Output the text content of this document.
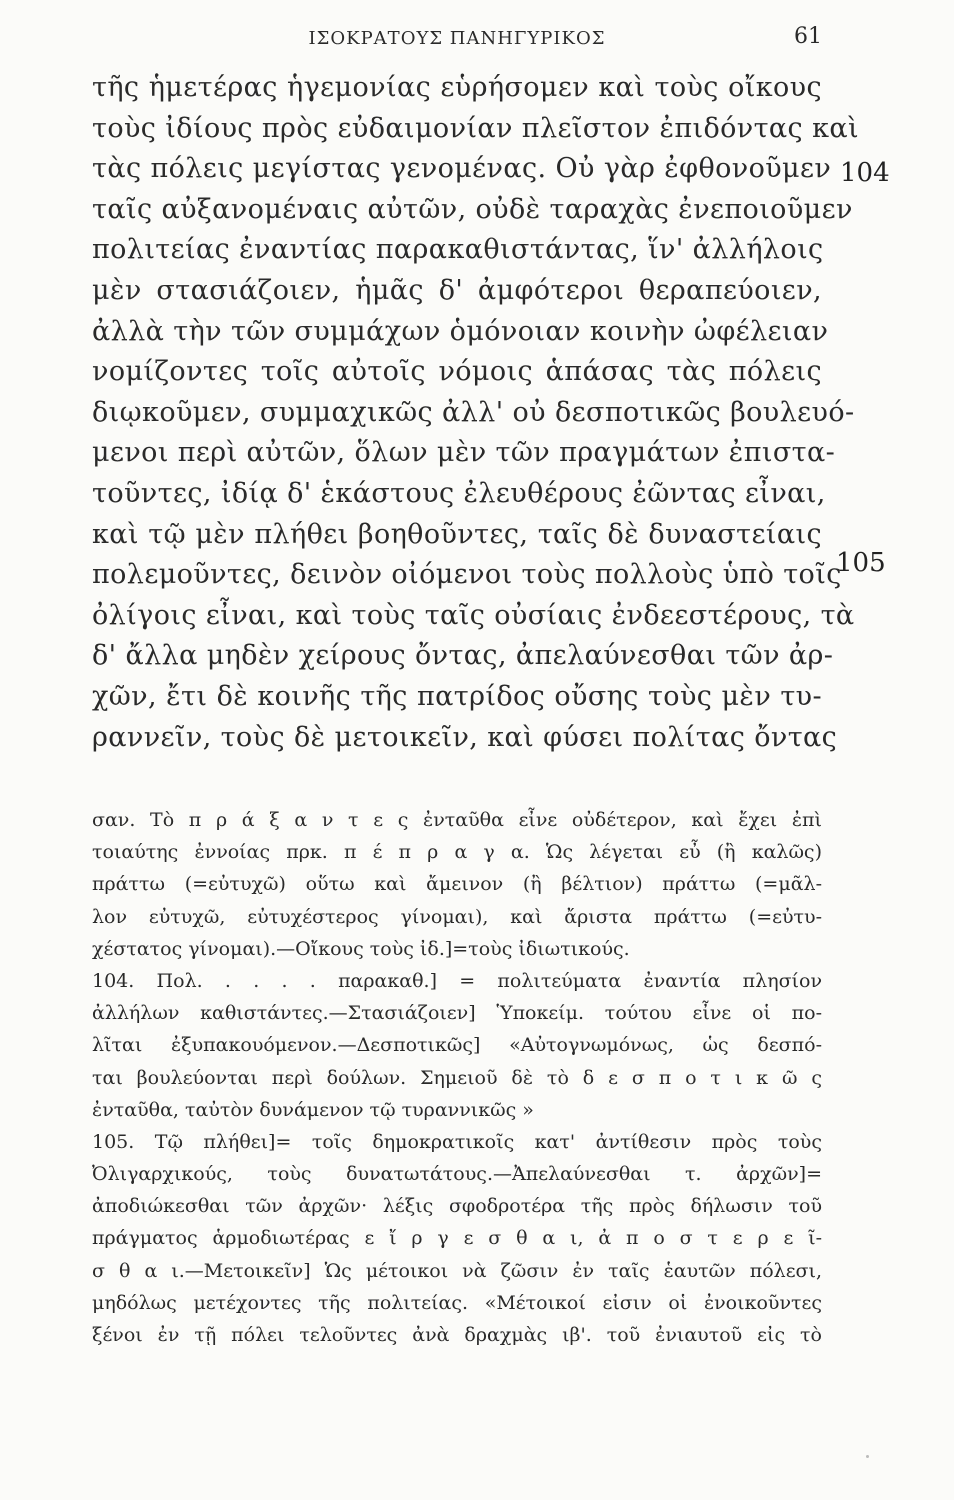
ΙΣΟΚΡΑΤΟΥΣ ΠΑΝΗΓΥΡΙΚΟΣ	61
τῆς ἡμετέρας ἡγεμονίας εὑρήσομεν καὶ τοὺς οἴκους
τοὺς ἰδίους πρὸς εὐδαιμονίαν πλεῖστον ἐπιδόντας καὶ
τὰς πόλεις μεγίστας γενομένας. Οὐ γὰρ ἐφθονοῦμεν
ταῖς αὐξανομέναις αὐτῶν, οὐδὲ ταραχὰς ἐνεποιοῦμεν
πολιτείας ἐναντίας παρακαθιστάντας, ἵν' ἀλλήλοις
μὲν στασιάζοιεν, ἡμᾶς δ' ἀμφότεροι θεραπεύοιεν,
ἀλλὰ τὴν τῶν συμμάχων ὁμόνοιαν κοινὴν ὠφέλειαν
νομίζοντες τοῖς αὐτοῖς νόμοις ἁπάσας τὰς πόλεις
διῳκοῦμεν, συμμαχικῶς ἀλλ' οὐ δεσποτικῶς βουλευό-
μενοι περὶ αὐτῶν, ὅλων μὲν τῶν πραγμάτων ἐπιστα-
τοῦντες, ἰδίᾳ δ' ἑκάστους ἐλευθέρους ἐῶντας εἶναι,
καὶ τῷ μὲν πλήθει βοηθοῦντες, ταῖς δὲ δυναστείαις
πολεμοῦντες, δεινὸν οἰόμενοι τοὺς πολλοὺς ὑπὸ τοῖς
ὀλίγοις εἶναι, καὶ τοὺς ταῖς οὐσίαις ἐνδεεστέρους, τὰ
δ' ἄλλα μηδὲν χείρους ὄντας, ἀπελαύνεσθαι τῶν ἀρ-
χῶν, ἔτι δὲ κοινῆς τῆς πατρίδος οὔσης τοὺς μὲν τυ-
ραννεῖν, τοὺς δὲ μετοικεῖν, καὶ φύσει πολίτας ὄντας
104
105
σαν. Τὸ π ρ ά ξ α ν τ ε ς ἐνταῦθα εἶνε οὐδέτερον, καὶ ἔχει ἐπὶ
τοιαύτης ἐννοίας πρκ. π έ π ρ α γ α. Ὡς λέγεται εὖ (ἢ καλῶς)
πράττω (=εὐτυχῶ) οὕτω καὶ ἄμεινον (ἢ βέλτιον) πράττω (=μᾶλ-
λον εὐτυχῶ, εὐτυχέστερος γίνομαι), καὶ ἄριστα πράττω (=εὐτυ-
χέστατος γίνομαι).—Οἴκους τοὺς ἰδ.]=τοὺς ἰδιωτικούς.
104. Πολ. . . . . παρακαθ.] = πολιτεύματα ἐναντία πλησίον
ἀλλήλων καθιστάντες.—Στασιάζοιεν] Ὑποκείμ. τούτου εἶνε οἱ πο-
λῖται ἐξυπακουόμενον.—Δεσποτικῶς] «Αὐτογνωμόνως, ὡς δεσπό-
ται βουλεύονται περὶ δούλων. Σημειοῦ δὲ τὸ δ ε σ π ο τ ι κ ῶ ς
ἐνταῦθα, ταὐτὸν δυνάμενον τῷ τυραννικῶς »
105. Τῷ πλήθει]= τοῖς δημοκρατικοῖς κατ' ἀντίθεσιν πρὸς τοὺς
Ὀλιγαρχικούς, τοὺς δυνατωτάτους.—Ἀπελαύνεσθαι τ. ἀρχῶν]=
ἀποδιώκεσθαι τῶν ἀρχῶν· λέξις σφοδροτέρα τῆς πρὸς δήλωσιν τοῦ
πράγματος ἁρμοδιωτέρας ε ἴ ρ γ ε σ θ α ι, ἀ π ο σ τ ε ρ ε ῖ-
σ θ α ι.—Μετοικεῖν] Ὡς μέτοικοι νὰ ζῶσιν ἐν ταῖς ἑαυτῶν πόλεσι,
μηδόλως μετέχοντες τῆς πολιτείας. «Μέτοικοί εἰσιν οἱ ἐνοικοῦντες
ξένοι ἐν τῇ πόλει τελοῦντες ἀνὰ δραχμὰς ιβ'. τοῦ ἐνιαυτοῦ εἰς τὸ
